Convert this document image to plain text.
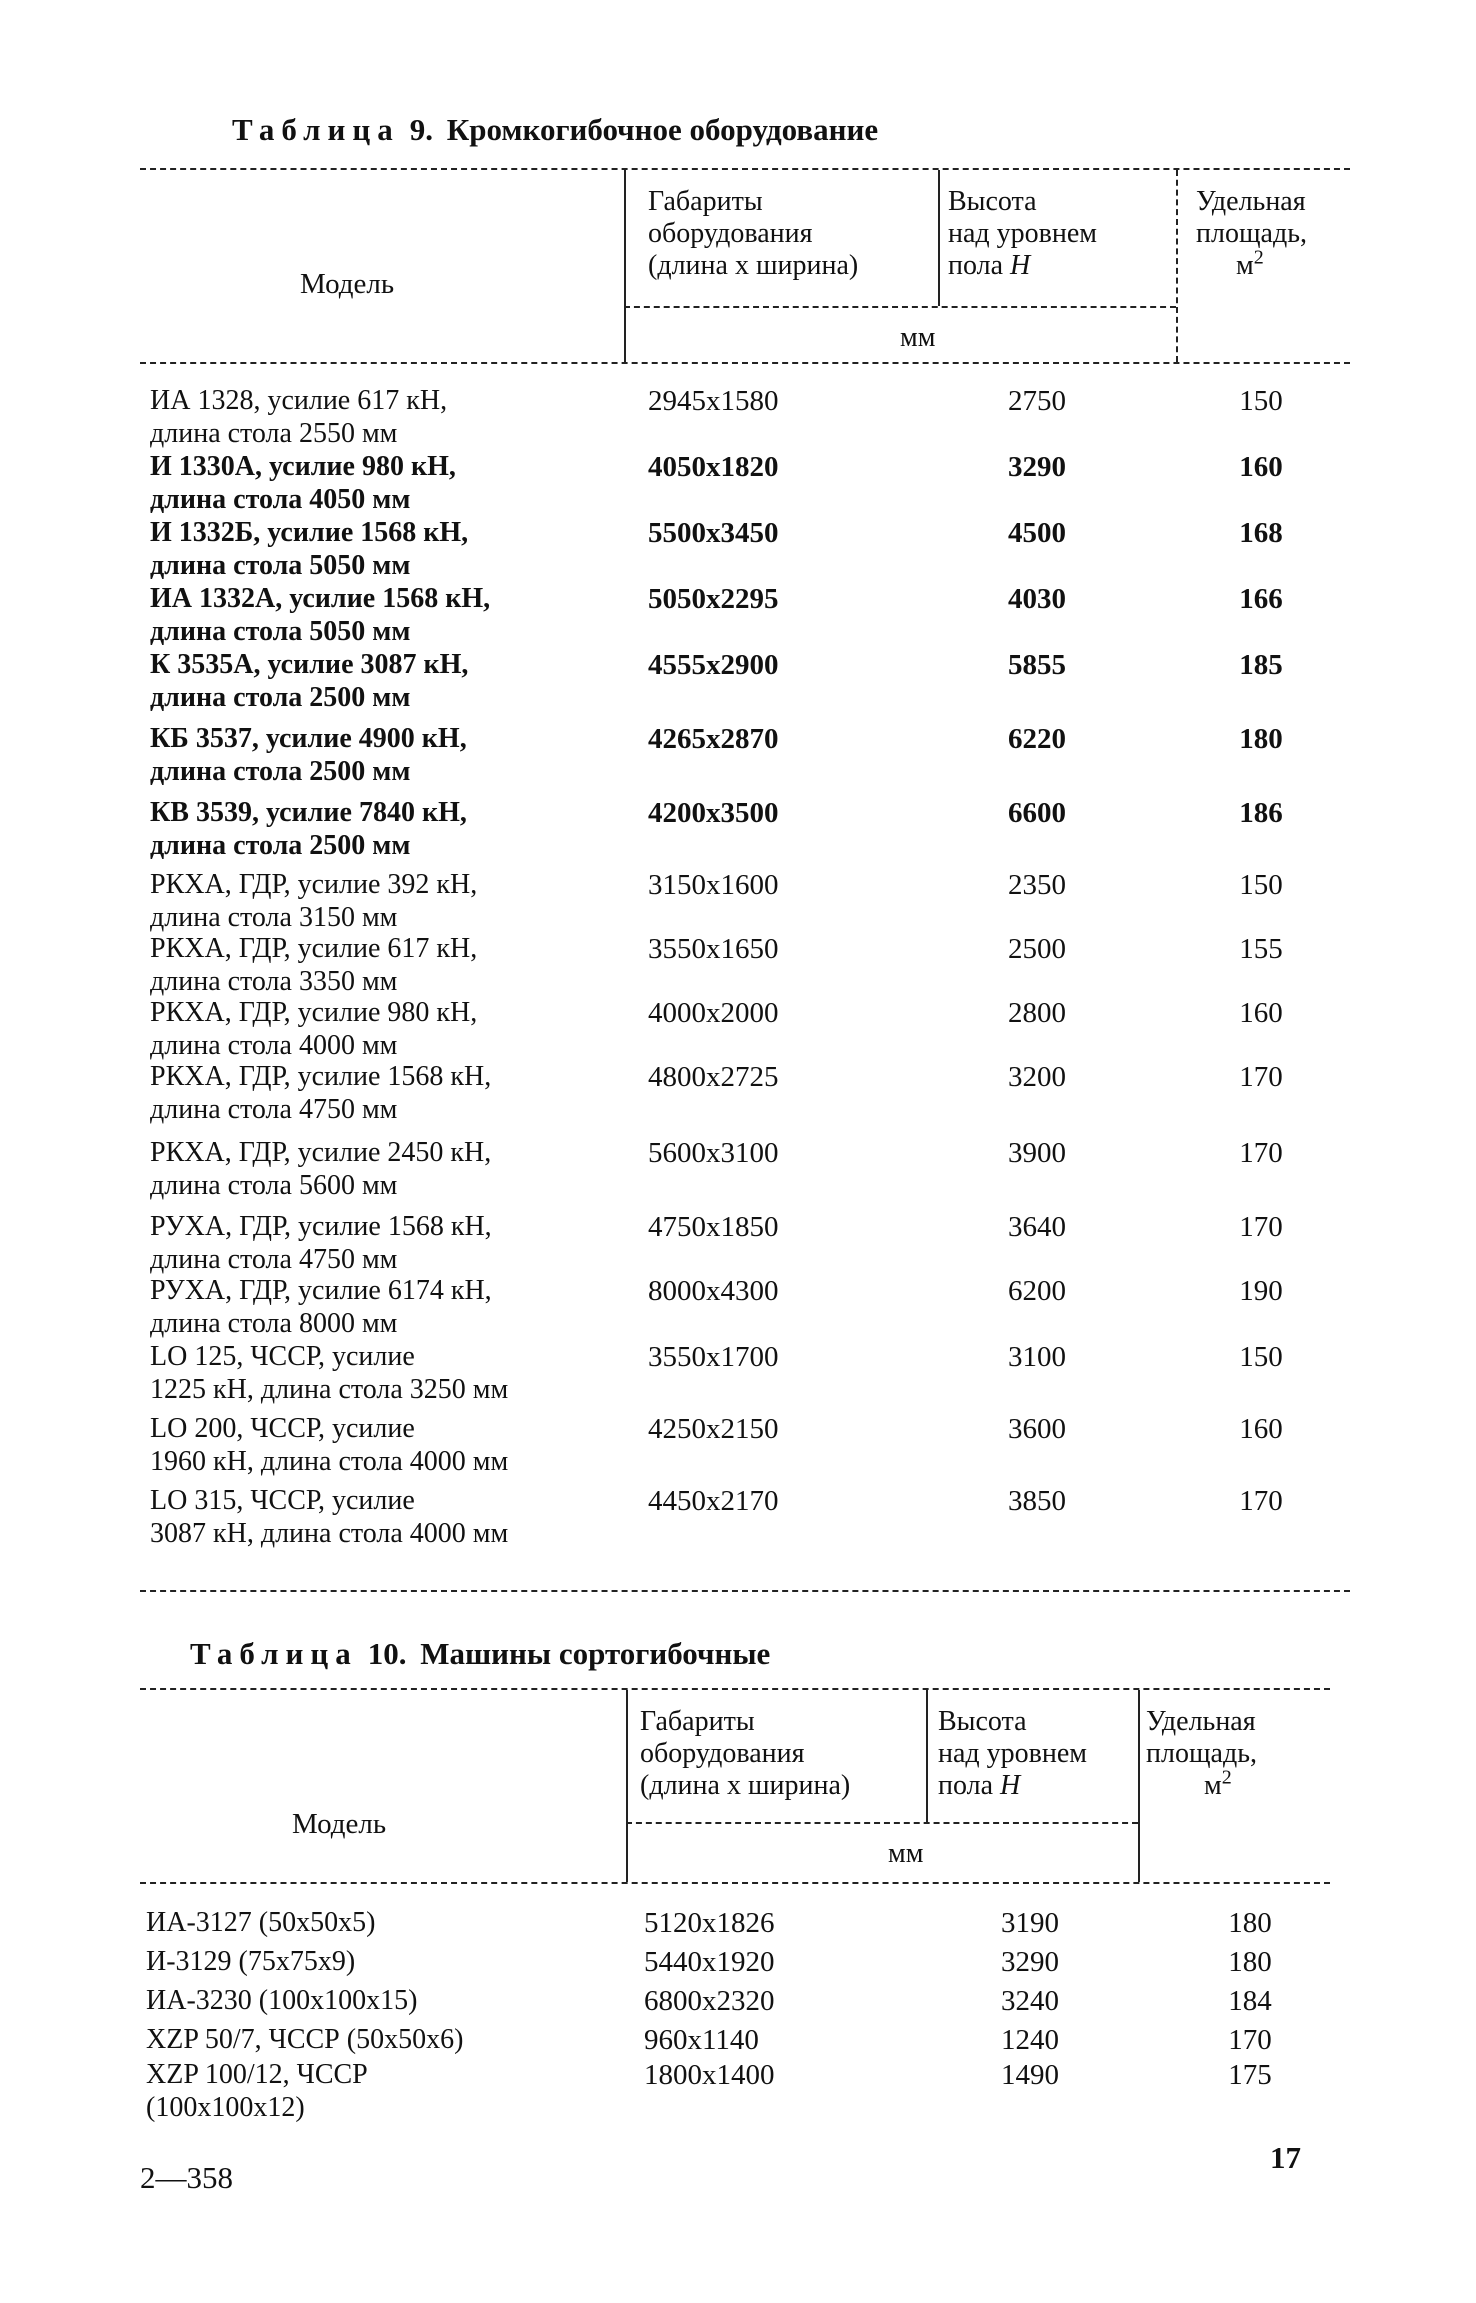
Таблица 9. Кромкогибочное оборудование
Модель
Габариты
оборудования
(длина х ширина)
Высота
над уровнем
пола H
Удельная
площадь,
$м^2$
мм
ИА 1328, усилие 617 кН,
длина стола 2550 мм
2945х1580	2750	150
И 1330А, усилие 980 кН,
длина стола 4050 мм
4050х1820	3290	160
И 1332Б, усилие 1568 кН,
длина стола 5050 мм
5500х3450	4500	168
ИА 1332А, усилие 1568 кН,
длина стола 5050 мм
5050х2295	4030	166
К 3535А, усилие 3087 кН,
длина стола 2500 мм
4555х2900	5855	185
КБ 3537, усилие 4900 кН,
длина стола 2500 мм
4265х2870	6220	180
КВ 3539, усилие 7840 кН,
длина стола 2500 мм
4200х3500	6600	186
РКХА, ГДР, усилие 392 кН,
длина стола 3150 мм
3150х1600	2350	150
РКХА, ГДР, усилие 617 кН,
длина стола 3350 мм
3550х1650	2500	155
РКХА, ГДР, усилие 980 кН,
длина стола 4000 мм
4000х2000	2800	160
РКХА, ГДР, усилие 1568 кН,
длина стола 4750 мм
4800х2725	3200	170
РКХА, ГДР, усилие 2450 кН,
длина стола 5600 мм
5600х3100	3900	170
РУХА, ГДР, усилие 1568 кН,
длина стола 4750 мм
4750х1850	3640	170
РУХА, ГДР, усилие 6174 кН,
длина стола 8000 мм
8000х4300	6200	190
LO 125, ЧССР, усилие
1225 кН, длина стола 3250 мм
3550х1700	3100	150
LO 200, ЧССР, усилие
1960 кН, длина стола 4000 мм
4250х2150	3600	160
LO 315, ЧССР, усилие
3087 кН, длина стола 4000 мм
4450х2170	3850	170
Таблица 10. Машины сортогибочные
Модель
Габариты
оборудования
(длина х ширина)
Высота
над уровнем
пола H
Удельная
площадь,
$м^2$
мм
ИА-3127 (50х50х5)	5120х1826	3190	180
И-3129 (75х75х9)	5440х1920	3290	180
ИА-3230 (100х100х15)	6800х2320	3240	184
XZP 50/7, ЧССР (50х50х6)	960х1140	1240	170
XZP 100/12, ЧССР
(100х100х12)
1800х1400	1490	175
2—358
17
